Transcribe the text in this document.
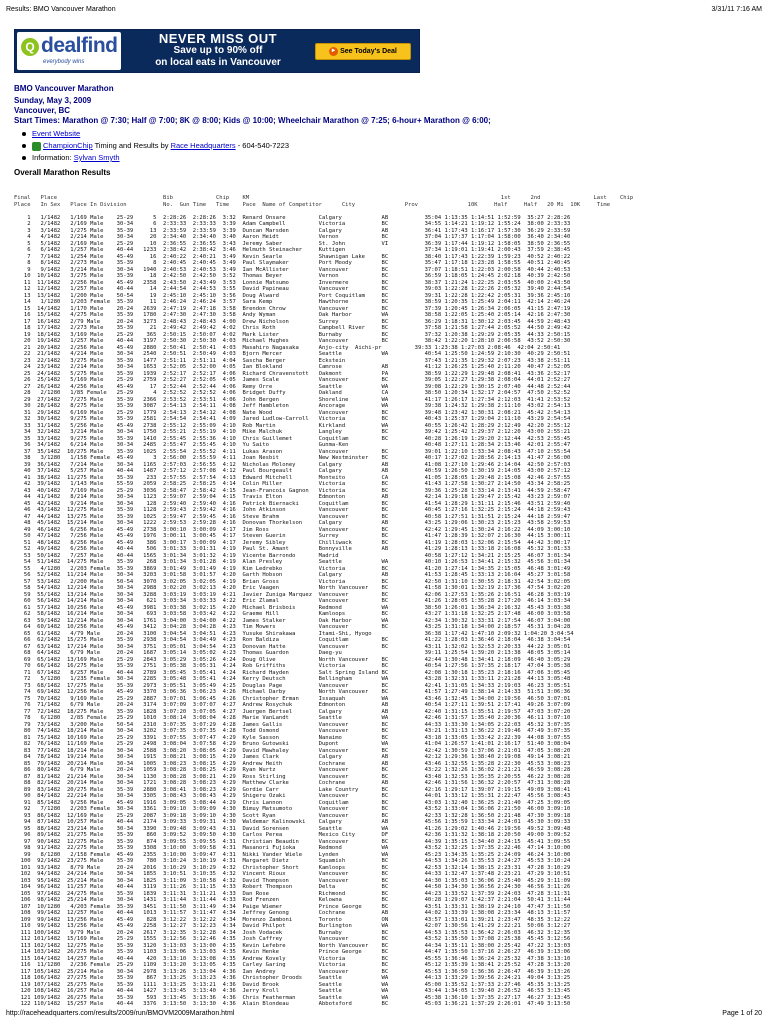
Results: BMO Vancouver Marathon	3/31/11 7:16 AM
Q dealfind
everybody wins
NEVER MISS OUT
Save up to 90% off
on local eats in Vancouver
► See Today's Deal
BMO Vancouver Marathon
Sunday, May 3, 2009
Vancouver, BC
Start Times: Marathon @ 7:30; Half @ 7:00; 8K @ 8:00; Kids @ 10:00; Wheelchair Marathon @ 7:25; 6-hour+ Marathon @ 6:00;
Event Website
ChampionChip Timing and Results by Race Headquarters - 604-540-7223
Information: Sylvan Smyth
Overall Marathon Results
Final   Place                                Bib             Chip    KM                                                                            1st      2nd                Last    Chip
Place   In Sex   Place In Division           No.  Gun Time   Time    Pace  Name of Competitor      City               Prov               10K     Half     Half   20 Mi  10K     Time

1   1/1482   1/169 Male    25-29      5  2:28:26  2:28:26  3:32  Renard Onsare          Calgary            AB           35:04 1:13:35 1:14:51 1:52:59  35:27 2:28:26
2   2/1482   2/169 Male    30-34      6  2:33:33  2:33:33  3:39  Adam Campbell          Victoria           BC           34:55 1:14:21 1:19:12 1:55:24  38:00 2:33:33
3   3/1482   1/275 Male    35-39     13  2:33:59  2:33:59  3:39  Duncan Marsden         Calgary            AB           36:41 1:17:43 1:16:17 1:57:30  36:29 2:33:59
4   4/1482   2/214 Male    30-34     20  2:34:40  2:34:40  3:40  Aaron Heidt            Vernon             BC           37:04 1:17:37 1:17:04 1:58:00  36:40 2:34:40
5   5/1482   2/169 Male    25-29     10  2:36:55  2:36:55  3:43  Jeremy Saber           St. John           VI           36:39 1:17:44 1:19:12 1:58:05  38:50 2:36:55
6   6/1482   1/257 Male    40-44   1233  2:38:42  2:38:42  3:46  Helmuth Steinacher     Kuttigen                        37:34 1:19:01 1:19:41 2:00:43  37:59 2:38:45
7   7/1482   1/254 Male    45-49     16  2:40:22  2:40:21  3:49  Kevin Searle           Shawnigan Lake     BC           38:40 1:17:43 1:22:39 1:59:23  40:52 2:40:22
8   8/1482   2/273 Male    35-39      8  2:40:45  2:40:45  3:49  Paul Slaymaker         Port Moody         BC           35:47 1:17:18 1:23:28 1:58:55  40:51 2:40:45
9   9/1482   3/214 Male    30-34   1940  2:40:53  2:40:53  3:49  Ian McAllister         Vancouver          BC           37:07 1:18:51 1:22:03 2:00:58  40:44 2:40:53
10  10/1482   3/275 Male    35-39     18  2:42:50  2:42:50  3:52  Thomas Beyer           Vernon             BC           36:59 1:18:05 1:24:45 2:02:18  40:39 2:42:50
11  11/1482   2/256 Male    45-49   2358  2:43:50  2:43:49  3:53  Lonnie Matsumo         Invermere          BC           38:37 1:21:24 1:22:25 2:03:55  40:00 2:43:50
12  12/1482   1/257 Male    40-44     14  2:44:54  2:44:53  3:55  David Papineau         Vancouver          BC           39:03 1:22:28 1:22:26 2:05:32  39:40 2:44:54
13  13/1482   1/200 Male    50-54     19  2:45:10  2:45:10  3:56  Doug Alward            Port Coquitlam     BC           39:31 1:22:28 1:22:42 2:05:31  39:36 2:45:10
14   1/1280   1/203 Female  35-39     11  2:46:24  2:46:24  3:57  Sara Kemp              Hawthorne          BC           38:59 1:20:35 1:25:49 2:04:11  42:14 2:46:24
15  14/1482   1/170 Male    20-24   2639  2:47:19  2:47:18  3:58  Brendon Chrow          Vancouver          BC           37:39 1:20:45 1:26:34 2:06:05  41:15 2:47:19
16  15/1482   4/275 Male    35-39   1780  2:47:30  2:47:30  3:58  Andy Wyman             Oak Harbor         WA           38:58 1:22:05 1:25:40 2:05:14  42:16 2:47:30
17  16/1482   2/79 Male     20-24   3273  2:48:43  2:48:43  4:00  Drew Nicholson         Surrey             BC           36:29 1:18:31 1:30:12 2:03:45  44:59 2:48:43
18  17/1482   2/273 Male    35-39     21  2:49:42  2:49:42  4:02  Chris Roth             Campbell River     BC           37:58 1:21:58 1:27:44 2:05:52  44:50 2:49:42
19  18/1482   3/169 Male    25-29    365  2:50:15  2:50:07  4:02  Mark Lister            Burnaby            BC           37:32 1:20:38 1:29:29 2:05:35  44:33 2:50:15
20  19/1482   1/257 Male    40-44   3197  2:50:30  2:50:30  4:03  Michael Hughes         Vancouver          BC           38:42 1:22:20 1:28:10 2:06:58  43:52 2:50:30
21  20/1482   2/256 Male    45-49   2880  2:50:41  2:50:41  4:03  Masahiro Nagasaka      Anjo-city  Aichi-pr          39:33 1:23:38 1:27:03 2:08:46  42:04 2:50:41
22  21/1482   4/214 Male    30-34   2540  2:50:51  2:50:49  4:03  Bjorn Mercer           Seattle            WA           40:54 1:25:50 1:24:59 2:10:30  40:29 2:50:51
23  22/1482   3/275 Male    35-39   1477  2:51:11  2:51:11  4:04  Sascha Berger          Eckstein                        37:43 1:21:35 1:29:32 2:07:23  43:38 2:51:11
24  23/1482   2/214 Male    30-34   1653  2:52:05  2:52:00  4:05  Ian Blokland           Camrose            AB           41:12 1:26:25 1:25:40 2:11:20  40:47 2:52:05
25  24/1482   5/275 Male    35-39   1939  2:52:17  2:52:17  4:06  Richard Chravenstott   Oakmont            PA           38:59 1:22:29 1:29:48 2:08:41  43:36 2:52:17
26  25/1482   5/169 Male    25-29   2759  2:52:27  2:52:05  4:05  James Scale            Vancouver          BC           39:05 1:22:27 1:29:38 2:08:04  44:01 2:52:27
27  26/1482   4/256 Male    45-49     17  2:52:44  2:52:44  4:06  Remy Orre              Seattle            WA           39:08 1:22:29 1:30:15 2:07:40  44:48 2:52:44
28   2/1280   1/85 Female   25-29      4  2:52:52  2:52:52  4:06  Bridget Duffy          Oakland            CA           38:50 1:20:34 1:32:17 2:04:57  47:50 2:52:52
29  27/1482   7/275 Male    35-39   2366  2:53:52  2:53:51  4:06  John Bergen            Shoreline          WA           41:17 1:26:17 1:27:34 2:12:03  41:41 2:53:52
30  28/1482   8/275 Male    35-39   3087  2:54:13  2:54:11  4:08  Jeff Hambleton         Ancorage           WA           39:38 1:24:32 1:29:38 2:11:10  43:02 2:54:13
31  29/1482   6/169 Male    25-29   1779  2:54:13  2:54:12  4:08  Nate Wood              Vancouver          BC           39:48 1:23:42 1:30:31 2:08:21  45:42 2:54:13
32  30/1482   9/275 Male    35-39   2581  2:54:54  2:54:41  4:09  Jared Ludlow-Carroll   Victoria           BC           40:43 1:25:37 1:29:04 2:11:10  43:29 2:54:54
33  31/1482   5/256 Male    45-49   2738  2:55:12  2:55:09  4:10  Rob Martin             Kirkland           WA           40:55 1:26:42 1:28:29 2:12:49  42:20 2:55:12
34  32/1482   3/214 Male    30-34   1750  2:55:21  2:55:19  4:10  Mike Malchuk           Langley            BC           39:42 1:25:42 1:29:37 2:12:20  43:00 2:55:21
35  33/1482   9/275 Male    35-39   1410  2:55:45  2:55:36  4:10  Chris Guillemet        Coquitlam          BC           40:28 1:26:19 1:29:20 2:12:44  42:53 2:55:45
36  34/1482   6/214 Male    30-34   2485  2:55:47  2:55:45  4:10  Yu Saito               Gunma-Ken                       40:48 1:27:11 1:28:34 2:13:46  42:01 2:55:47
37  35/1482  10/275 Male    35-39   1025  2:55:54  2:55:52  4:11  Lukas Arason           Vancouver          BC           39:01 1:22:10 1:33:34 2:08:43  47:10 2:55:54
38   3/1280   1/158 Female  45-49      3  2:56:00  2:55:59  4:11  Joan Nesbit            New Westminster    BC           40:17 1:27:02 1:28:56 2:14:13  41:47 2:56:00
39  36/1482   7/214 Male    30-34   1165  2:57:03  2:56:55  4:12  Nicholas Moloney       Calgary            AB           41:08 1:27:10 1:29:46 2:14:04  42:50 2:57:03
40  37/1482   5/257 Male    40-44   1487  2:57:12  2:57:08  4:12  Paul Bourgeault        Calgary            AB           40:59 1:26:50 1:30:19 2:14:05  43:00 2:57:12
41  38/1482  11/275 Male    35-39    233  2:57:55  2:57:54  4:13  Edward Mitchell        Monteito           CA           41:05 1:28:05 1:29:48 2:15:08  42:46 2:57:55
42  39/1482   1/143 Male    55-59   2059  2:58:25  2:58:25  4:14  Colin Miller           Victoria           BC           41:43 1:27:58 1:30:27 2:14:50  43:34 2:58:25
43  40/1482   7/169 Male    25-29   3036  2:58:47  2:58:42  4:15  Jean-Francois Gagnon   Victoria           BC           39:36 1:25:28 1:33:14 2:13:41  44:59 2:58:47
44  41/1482   8/214 Male    30-34   1123  2:59:07  2:59:04  4:15  Travis Elton           Edmonton           AB           42:14 1:29:18 1:29:47 2:15:42  43:23 2:59:07
45  42/1482   9/214 Male    30-34    128  2:59:40  2:59:40  4:16  Patrick Biernacki      Coquitlam          BC           41:54 1:28:29 1:31:11 2:15:46  43:51 2:59:40
46  43/1482  12/275 Male    35-39   1128  2:59:43  2:59:42  4:16  John Atkinson          Vancouver          BC           40:45 1:27:16 1:32:25 2:15:24  44:18 2:59:43
47  44/1482  13/275 Male    35-39   1025  2:59:47  2:59:45  4:16  Steve Brahm            Vancouver          BC           40:58 1:27:51 1:31:51 2:15:24  44:18 2:59:47
48  45/1482  15/214 Male    30-34   1222  2:59:53  2:59:28  4:16  Donovan Thorkelson     Calgary            AB           43:25 1:29:06 1:30:23 2:15:23  43:58 2:59:53
49  46/1482   6/256 Male    45-49   2738  3:00:10  3:00:09  4:17  Jim Ross               Vancouver          BC           42:42 1:29:45 1:30:24 2:16:22  44:09 3:00:10
50  47/1482   7/256 Male    45-49   1976  3:00:11  3:00:45  4:17  Steven Guerin          Surrey             BC           41:47 1:28:39 1:32:07 2:16:30  44:15 3:00:11
51  48/1482   8/256 Male    45-49    386  3:00:17  3:00:09  4:17  Jeremy Sibley          Chilliwack         BC           41:19 1:28:03 1:32:06 2:15:54  44:42 3:00:17
52  49/1482   6/256 Male    40-44    506  3:01:33  3:01:31  4:19  Paul St. Amant         Bonnyville         AB           41:29 1:28:13 1:33:18 2:16:08  45:32 3:01:33
53  50/1482   7/257 Male    40-44   1565  3:01:34  3:01:32  4:19  Vicente Barrondo       Madrid                          40:58 1:27:12 1:34:21 2:15:25  46:07 3:01:34
54  51/1482  14/275 Male    35-39    268  3:01:34  3:01:28  4:19  Alan Presley           Seattle            WA           40:10 1:26:53 1:34:41 2:15:32  45:56 3:01:34
55   4/1280   2/203 Female  35-39   3869  3:01:49  3:01:49  4:19  Kim Ledrebko           Victoria           BC           41:20 1:27:14 1:34:35 2:15:05  46:48 3:01:49
56  52/1482  11/214 Male    30-34   3203  3:01:58  3:01:57  4:20  Garth Hobson           Calgary            AB           41:53 1:28:45 1:33:13 2:16:04  45:27 3:01:58
57  53/1482   2/200 Male    50-54   3070  3:02:05  3:02:05  4:19  Brian Gross            Victoria           BC           42:50 1:31:10 1:30:55 2:18:31  42:54 3:02:05
58  54/1482  12/214 Male    30-34   2988  3:02:20  3:02:13  4:20  Eric Vaagen            North Vancouver    BC           41:58 1:30:01 1:32:19 2:17:36  47:54 3:02:20
59  55/1482  13/214 Male    30-34   3288  3:03:19  3:03:19  4:21  Javier Zuniga Marquez  Vancouver          BC           42:06 1:27:53 1:35:26 2:16:51  46:28 3:03:19
60  56/1482  14/214 Male    30-34    621  3:03:34  3:03:33  4:22  Eric Zlamal            Vancouver          BC           41:26 1:28:05 1:35:28 2:17:20  46:14 3:03:34
61  57/1482  10/256 Male    45-49   3981  3:03:38  3:02:15  4:20  Michael Brisbois       Redmond            WA           38:50 1:26:01 1:36:34 2:16:32  45:43 3:03:38
62  58/1482  16/214 Male    30-34    693  3:03:58  3:03:42  4:22  Graeme Hill            Kamloops           BC           43:27 1:31:18 1:32:25 2:17:48  46:00 3:03:58
63  59/1482  12/214 Male    30-34   1761  3:04:00  3:04:00  4:22  James Stalker          Oak Harbor         WA           42:34 1:30:32 1:33:31 2:17:54  46:07 3:04:00
64  60/1482  10/256 Male    45-49   3412  3:04:28  3:04:28  4:23  Tim Mowers             Vancouver          BC           43:25 1:31:18 1:34:00 2:18:57  45:31 3:04:28
65  61/1482   4/79 Male     20-24   3100  3:04:54  3:04:51  4:23  Yusuke Shirakawa       Itami-Shi, Hyogo                36:38 1:17:42 1:47:10 2:09:32 1:04:20 3:04:54
66  62/1482  15/275 Male    35-39   2938  3:04:54  3:04:49  4:23  Ron Baldiza            Coquitlam          BC           41:22 1:28:03 1:36:46 2:18:04  46:38 3:04:54
67  63/1482  17/214 Male    30-34   3751  3:05:01  3:04:54  4:23  Donovan Hatte          Vancouver          BC           43:11 1:32:02 1:32:53 2:20:33  44:22 3:05:01
68  64/1482   6/79 Male     20-24   1687  3:05:14  3:05:02  4:23  Thomas Guardon         Daeg-yu                         39:11 1:25:54 1:39:20 2:13:38  48:05 3:05:14
69  65/1482  13/169 Male    25-29   2843  3:05:29  3:05:26  4:24  Doug Olive             North Vancouver    BC           42:44 1:30:48 1:34:41 2:18:09  46:40 3:05:29
70  66/1482  16/275 Male    35-39   2751  3:05:38  3:05:31  4:24  Rob Griffiths          Victoria           BC           40:54 1:27:56 1:37:35 2:18:17  47:04 3:05:38
71  67/1482   8/257 Male    40-44   2789  3:05:45  3:05:41  4:24  Richard Hayden         Salt Spring Island BC           42:08 1:30:18 1:35:23 2:18:16  47:06 3:05:45
72   5/1280   1/235 Female  30-34   2285  3:05:48  3:05:41  4:24  Kerry Deutsch          Bellingham         WA           43:28 1:32:31 1:33:11 2:21:28  44:13 3:05:48
73  68/1482  17/275 Male    35-39   2973  3:05:51  3:05:49  4:25  Douglas Page           Vancouver          BC           42:41 1:31:05 1:34:33 2:19:03  46:23 3:05:51
74  69/1482  12/256 Male    45-49   3370  3:06:36  3:06:23  4:26  Michael Darby          North Vancouver    BC           41:57 1:27:49 1:38:14 2:14:33  51:51 3:06:36
75  70/1482   9/169 Male    25-29   2887  3:07:01  3:06:45  4:26  Christopher Erman      Issaquah           WA           43:46 1:32:45 1:34:00 2:19:56  46:50 3:07:01
76  71/1482   6/79 Male     20-24   3174  3:07:09  3:07:07  4:27  Andrew Rosychuk        Edmonton           AB           40:54 1:27:11 1:39:51 2:17:41  49:26 3:07:09
77  72/1482  18/275 Male    35-39   1828  3:07:20  3:07:05  4:27  Juergen Bertsel        Calgary            AB           42:40 1:31:15 1:35:51 2:19:57  47:03 3:07:20
78   6/1280   2/85 Female   25-29   1010  3:08:14  3:08:04  4:28  Marie VanLandt         Seattle            WA           42:46 1:31:57 1:35:40 2:20:36  46:11 3:07:10
79  73/1482   3/200 Male    50-54   2310  3:07:35  3:07:29  4:28  James Gallis           Vancouver          BC           44:33 1:33:30 1:34:05 2:22:03  45:32 3:07:35
80  74/1482  18/214 Male    30-34   3202  3:07:35  3:07:35  4:28  Todd Osmond            Vancouver          BC           43:21 1:31:13 1:36:22 2:19:46  47:49 3:07:35
81  75/1482  10/169 Male    25-29   3391  3:07:55  3:07:47  4:29  Kyle Sasson            Nanaimo            BC           43:18 1:33:05 1:33:42 2:22:39  44:08 3:07:55
82  76/1482  11/169 Male    25-29   2498  3:08:04  3:07:58  4:29  Bruno Gutowski         Dupont             WA           41:04 1:26:57 1:41:01 2:16:17  51:40 3:08:04
83  77/1482  18/214 Male    30-34   2588  3:08:20  3:08:05  4:29  David Mawhaley         Vancouver          BC           42:42 1:30:59 1:37:06 2:21:01  47:05 3:08:20
84  78/1482  19/214 Male    30-34   1915  3:08:21  3:08:15  4:29  James Clark            Calgary            AB           42:12 1:29:36 1:38:40 2:19:08  49:14 3:08:21
85  79/1482  20/214 Male    30-34   1005  3:08:23  3:08:15  4:29  Andrew Heith           Cochrane           AB           43:46 1:32:55 1:35:28 2:22:30  45:53 3:08:23
86  80/1482   6/79 Male     20-24   1059  3:08:28  3:08:25  4:29  Ryan Wurtz             Vancouver          BC           43:22 1:32:26 1:36:02 2:21:21  46:59 3:08:28
87  81/1482  21/214 Male    30-34   1130  3:08:28  3:08:21  4:29  Ross Stirling          Vancouver          BC           43:48 1:32:53 1:35:35 2:20:55  46:22 3:08:28
88  82/1482  20/214 Male    30-34   1721  3:08:28  3:08:23  4:29  Matthew Clarke         Cochrane           AB           42:46 1:31:56 1:36:32 2:20:57  47:31 3:08:28
89  83/1482  20/275 Male    35-39   2880  3:08:41  3:08:23  4:29  Gordie Carr            Lake Country       BC           42:16 1:29:17 1:39:07 2:19:15  49:09 3:08:41
90  84/1482  22/214 Male    30-34   3305  3:08:43  3:08:43  4:29  Shigeru Ozaki          Vancouver          BC           44:01 1:33:12 1:35:31 2:22:47  45:56 3:08:43
91  85/1482   9/256 Male    45-49   1916  3:09:05  3:08:44  4:29  Chris Lannon           Coquitlam          BC           43:03 1:32:40 1:36:25 2:21:40  47:25 3:09:05
92   7/1280   2/203 Female  30-34   3361  3:09:10  3:09:09  4:30  Bimuy Matsumoto        Vancouver          BC           43:52 1:33:04 1:36:06 2:21:50  46:00 3:09:10
93  86/1482  12/169 Male    25-29   2087  3:09:18  3:09:10  4:30  Scott Ryan             Vancouver          BC           42:33 1:32:28 1:36:50 2:21:48  47:30 3:09:18
94  87/1482  10/257 Male    40-44   2174  3:09:33  3:09:31  4:30  Waldemar Kalinowski    Calgary            AB           45:56 1:35:59 1:33:34 2:24:01  45:30 3:09:33
95  88/1482  23/214 Male    30-34   3390  3:09:48  3:09:43  4:31  David Sorensen         Seattle            WA           41:26 1:29:02 1:40:46 2:19:56  49:52 3:09:48
96  89/1482  21/275 Male    35-39    860  3:09:52  3:09:50  4:30  Carlos Perea           Mexico City        DF           42:36 1:31:32 1:38:18 2:20:50  49:00 3:09:52
97  90/1482  12/275 Male    35-39    874  3:09:55  3:09:55  4:31  Christian Beaudin      Vancouver          BC           44:39 1:35:15 1:34:40 2:24:15  45:41 3:09:55
98  91/1482  22/275 Male    35-39   3308  3:10:00  3:09:58  4:31  Masanori Fujioka       Redmond            WA           43:52 1:32:25 1:37:35 2:22:46  47:14 3:10:00
99   8/1280   2/158 Female  45-49   2355  3:10:00  3:09:47  4:31  Nikki Vander Wiele     Lynden             WA           45:23 1:34:35 1:35:25 2:24:09  46:24 3:10:00
100  92/1482  23/275 Male    35-39    780  3:10:24  3:10:19  4:31  Margaret Dietz         Squamish           BC           44:53 1:34:26 1:35:53 2:24:27  45:53 3:10:24
101  93/1482   8/79 Male     20-24   2016  3:10:29  3:10:29  4:32  Christopher Short      Kamloops           BC           42:53 1:32:14 1:38:15 2:23:31  47:28 3:10:29
102  94/1482  24/214 Male    30-34   1855  3:10:51  3:10:35  4:32  Vincent Rioux          Vancouver          BC           44:33 1:32:47 1:37:48 2:23:21  47:29 3:10:51
103  95/1482  25/214 Male    30-34   1825  3:11:09  3:10:58  4:32  David Thompson         Vancouver          BC           44:30 1:35:03 1:36:06 2:25:40  45:29 3:11:09
104  96/1482  11/257 Male    40-44   3119  3:11:26  3:11:15  4:33  Robert Thompson        Delta              BC           44:50 1:34:30 1:36:56 2:24:30  46:56 3:11:26
105  97/1482  24/275 Male    35-39   1839  3:11:31  3:11:21  4:33  Dan Rose               Richmond           BC           44:23 1:33:52 1:37:39 2:24:03  47:28 3:11:31
106  98/1482  25/214 Male    30-34   1431  3:11:44  3:11:44  4:33  Rod Frenzen            Kelowna            BC           40:28 1:29:07 1:42:37 2:21:04  50:41 3:11:44
107  10/1280   4/203 Female  35-39   3451  3:11:50  3:11:49  4:34  Paige Wiemer           Prince George      BC           43:51 1:33:31 1:38:19 2:24:10  47:47 3:11:50
108  99/1482  12/257 Male    40-44   1013  3:11:57  3:11:47  4:34  Jeffrey Genong         Cochrane           AB           44:02 1:33:39 1:38:08 2:23:34  48:13 3:11:57
109  99/1482  13/256 Male    45-49    828  3:12:22  3:12:22  4:34  Morenzo Zamboni        Toronto            ON           43:57 1:33:01 1:39:21 2:23:47  48:35 3:12:22
110  99/1482  13/256 Male    45-49   2258  3:12:27  3:12:23  4:34  David Philpot          Burlington         WA           42:07 1:30:56 1:41:29 2:22:21  50:06 3:12:27
111 100/1482   9/79 Male     20-24   2617  3:12:35  3:12:28  4:34  Josh Vodacek           Burnaby            BC           44:53 1:35:53 1:36:42 2:26:03  46:32 3:12:35
112 101/1482  15/169 Male    25-29   1555  3:12:56  3:12:46  4:35  Josh Caffrey           Vancouver          BC           43:52 1:35:50 1:37:08 2:25:38  45:45 3:12:56
113 102/1482  12/275 Male    35-39   3120  3:13:03  3:13:00  4:35  Kevin Lefebre          North Vancouver    BC           44:34 1:35:11 1:38:00 2:25:42  47:22 3:13:03
114 103/1482  26/275 Male    35-39   1103  3:13:06  3:13:03  4:35  Kevin Henke            Prince George      BC           44:47 1:35:50 1:37:16 2:26:27  46:39 3:13:06
115 104/1482  14/257 Male    40-44    420  3:13:10  3:13:08  4:35  Andrew Kovely          Victoria           BC           45:55 1:36:46 1:36:24 2:25:32  47:38 3:13:10
116  11/1280   2/236 Female  25-29   1109  3:13:20  3:13:05  4:35  Carley Garing          Victoria           BC           45:12 1:35:39 1:38:41 2:25:52  47:28 3:13:20
117 105/1482  25/214 Male    30-34   2978  3:13:26  3:13:04  4:36  Ian Andrey             Vancouver          BC           45:53 1:36:50 1:36:36 2:26:47  46:39 3:13:26
118 106/1482  27/275 Male    35-39    867  3:13:25  3:13:23  4:36  Christopher Droods     Seattle            WA           44:13 1:33:29 1:39:56 2:24:21  49:04 3:13:25
119 107/1482  25/275 Male    35-39   1111  3:13:25  3:13:21  4:36  David Brook            Seattle            WA           45:00 1:35:52 1:37:33 2:27:46  45:35 3:13:25
120 108/1482  16/257 Male    40-44   1427  3:13:45  3:13:40  4:36  Jerry Kroll            Seattle            WA           43:44 1:34:05 1:39:40 2:26:52  46:53 3:13:45
121 109/1482  26/275 Male    35-39    593  3:13:45  3:13:36  4:36  Chris Featherman       Seattle            WA           45:38 1:36:10 1:37:35 2:27:17  46:27 3:13:45
122 110/1482  15/257 Male    40-44   3376  3:13:50  3:13:30  4:36  Alain Blondeau         Abbotsford         BC           45:03 1:36:21 1:37:29 2:26:01  47:49 3:13:50

http://raceheadquarters.com/results/2009/run/BMOVM2009Marathon.html	Page 1 of 20
